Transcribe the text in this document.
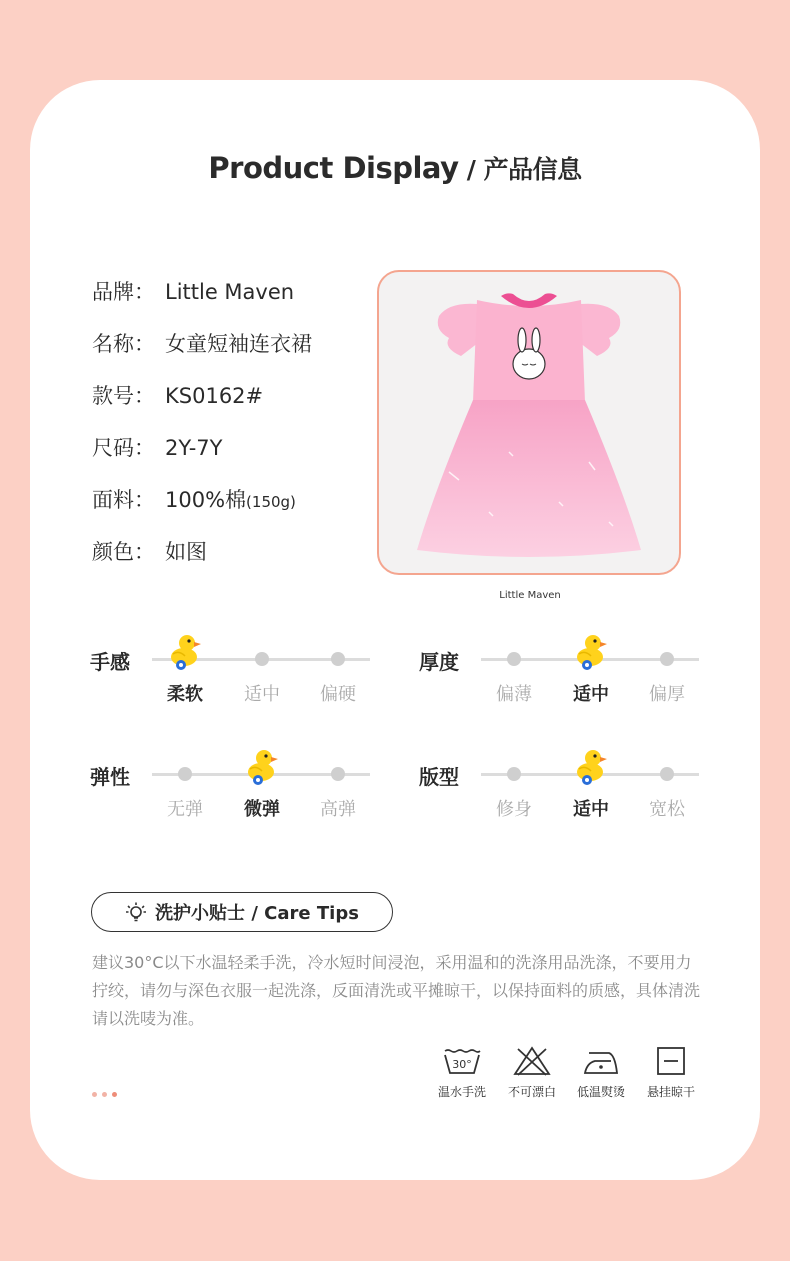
Product Display / 产品信息
品牌： Little Maven
名称： 女童短袖连衣裙
款号： KS0162#
尺码： 2Y-7Y
面料： 100%棉(150g)
颜色： 如图
Little Maven
手感
柔软	适中	偏硬
厚度
偏薄	适中	偏厚
弹性
无弹	微弹	高弹
版型
修身	适中	宽松
洗护小贴士 / Care Tips
建议30°C以下水温轻柔手洗，冷水短时间浸泡，采用温和的洗涤用品洗涤，不要用力拧绞，请勿与深色衣服一起洗涤，反面清洗或平摊晾干，以保持面料的质感，具体清洗请以洗唛为准。
30°
温水手洗	不可漂白	低温熨烫	悬挂晾干
